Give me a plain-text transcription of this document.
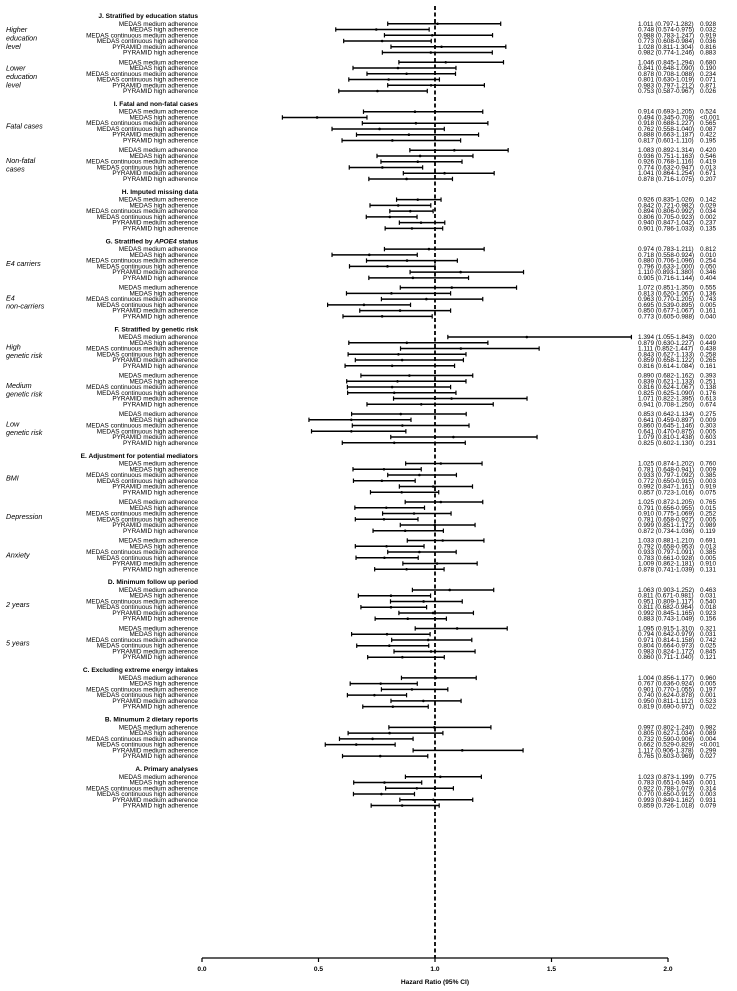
J. Stratified by education status
MEDAS medium adherence	1.011 (0.797-1.282) 0.928
MEDAS high adherence	0.748 (0.574-0.975) 0.032
MEDAS continuous medium adherence	0.988 (0.783-1.247) 0.919
MEDAS continuous high adherence	0.773 (0.608-0.984) 0.036
PYRAMID medium adherence	1.028 (0.811-1.304) 0.816
PYRAMID high adherence	0.982 (0.774-1.246) 0.883
Higher education level
MEDAS medium adherence	1.046 (0.845-1.294) 0.680
MEDAS high adherence	0.841 (0.648-1.090) 0.190
MEDAS continuous medium adherence	0.878 (0.708-1.088) 0.234
MEDAS continuous high adherence	0.801 (0.630-1.019) 0.071
PYRAMID medium adherence	0.983 (0.797-1.212) 0.871
PYRAMID high adherence	0.753 (0.587-0.967) 0.026
Lower education level
I. Fatal and non-fatal cases
MEDAS medium adherence	0.914 (0.693-1.205) 0.524
MEDAS high adherence	0.494 (0.345-0.708) <0.001
MEDAS continuous medium adherence	0.918 (0.688-1.227) 0.565
MEDAS continuous high adherence	0.762 (0.558-1.040) 0.087
PYRAMID medium adherence	0.888 (0.663-1.187) 0.422
PYRAMID high adherence	0.817 (0.601-1.110) 0.195
Fatal cases
MEDAS medium adherence	1.083 (0.892-1.314) 0.420
MEDAS high adherence	0.936 (0.751-1.163) 0.546
MEDAS continuous medium adherence	0.926 (0.768-1.116) 0.419
MEDAS continuous high adherence	0.774 (0.632-0.947) 0.013
PYRAMID medium adherence	1.041 (0.864-1.254) 0.671
PYRAMID high adherence	0.878 (0.716-1.075) 0.207
Non-fatal cases
H. Imputed missing data
MEDAS medium adherence	0.926 (0.835-1.026) 0.142
MEDAS high adherence	0.842 (0.721-0.982) 0.029
MEDAS continuous medium adherence	0.894 (0.806-0.992) 0.034
MEDAS continuous high adherence	0.806 (0.705-0.923) 0.002
PYRAMID medium adherence	0.940 (0.847-1.042) 0.237
PYRAMID high adherence	0.901 (0.786-1.033) 0.135
G. Stratified by APOE4 status
MEDAS medium adherence	0.974 (0.783-1.211) 0.812
MEDAS high adherence	0.718 (0.558-0.924) 0.010
MEDAS continuous medium adherence	0.880 (0.706-1.096) 0.254
MEDAS continuous high adherence	0.796 (0.633-1.000) 0.050
PYRAMID medium adherence	1.110 (0.893-1.380) 0.346
PYRAMID high adherence	0.905 (0.716-1.144) 0.404
E4 carriers
MEDAS medium adherence	1.072 (0.851-1.350) 0.555
MEDAS high adherence	0.813 (0.620-1.067) 0.136
MEDAS continuous medium adherence	0.963 (0.770-1.205) 0.743
MEDAS continuous high adherence	0.695 (0.539-0.895) 0.005
PYRAMID medium adherence	0.850 (0.677-1.067) 0.161
PYRAMID high adherence	0.773 (0.605-0.988) 0.040
E4 non-carriers
F. Stratified by genetic risk
MEDAS medium adherence	1.394 (1.055-1.843) 0.020
MEDAS high adherence	0.879 (0.630-1.227) 0.449
MEDAS continuous medium adherence	1.111 (0.852-1.447) 0.438
MEDAS continuous high adherence	0.843 (0.627-1.133) 0.258
PYRAMID medium adherence	0.859 (0.658-1.122) 0.265
PYRAMID high adherence	0.816 (0.614-1.084) 0.161
High genetic risk
MEDAS medium adherence	0.890 (0.682-1.162) 0.393
MEDAS high adherence	0.839 (0.621-1.133) 0.251
MEDAS continuous medium adherence	0.816 (0.624-1.067) 0.138
MEDAS continuous high adherence	0.825 (0.625-1.090) 0.176
PYRAMID medium adherence	1.071 (0.822-1.395) 0.613
PYRAMID high adherence	0.941 (0.708-1.250) 0.674
Medium genetic risk
MEDAS medium adherence	0.853 (0.642-1.134) 0.275
MEDAS high adherence	0.641 (0.459-0.897) 0.009
MEDAS continuous medium adherence	0.860 (0.645-1.146) 0.303
MEDAS continuous high adherence	0.641 (0.470-0.875) 0.005
PYRAMID medium adherence	1.079 (0.810-1.438) 0.603
PYRAMID high adherence	0.825 (0.602-1.130) 0.231
Low genetic risk
E. Adjustment for potential mediators
MEDAS medium adherence	1.025 (0.874-1.202) 0.760
MEDAS high adherence	0.781 (0.648-0.941) 0.009
MEDAS continuous medium adherence	0.933 (0.797-1.092) 0.385
MEDAS continuous high adherence	0.772 (0.650-0.915) 0.003
PYRAMID medium adherence	0.992 (0.847-1.161) 0.919
PYRAMID high adherence	0.857 (0.723-1.016) 0.075
BMI
MEDAS medium adherence	1.025 (0.872-1.205) 0.765
MEDAS high adherence	0.791 (0.656-0.955) 0.015
MEDAS continuous medium adherence	0.910 (0.775-1.069) 0.252
MEDAS continuous high adherence	0.781 (0.658-0.927) 0.005
PYRAMID medium adherence	0.999 (0.851-1.172) 0.989
PYRAMID high adherence	0.872 (0.734-1.036) 0.119
Depression
MEDAS medium adherence	1.033 (0.881-1.210) 0.691
MEDAS high adherence	0.792 (0.658-0.953) 0.013
MEDAS continuous medium adherence	0.933 (0.797-1.091) 0.385
MEDAS continuous high adherence	0.783 (0.661-0.928) 0.005
PYRAMID medium adherence	1.009 (0.862-1.181) 0.910
PYRAMID high adherence	0.878 (0.741-1.039) 0.131
Anxiety
D. Minimum follow up period
MEDAS medium adherence	1.063 (0.903-1.252) 0.463
MEDAS high adherence	0.811 (0.671-0.981) 0.031
MEDAS continuous medium adherence	0.951 (0.809-1.117) 0.540
MEDAS continuous high adherence	0.811 (0.682-0.964) 0.018
PYRAMID medium adherence	0.992 (0.845-1.165) 0.923
PYRAMID high adherence	0.883 (0.743-1.049) 0.156
2 years
MEDAS medium adherence	1.095 (0.915-1.310) 0.321
MEDAS high adherence	0.794 (0.642-0.979) 0.031
MEDAS continuous medium adherence	0.971 (0.814-1.158) 0.742
MEDAS continuous high adherence	0.804 (0.664-0.973) 0.025
PYRAMID medium adherence	0.983 (0.824-1.172) 0.845
PYRAMID high adherence	0.860 (0.711-1.040) 0.121
5 years
C. Excluding extreme energy intakes
MEDAS medium adherence	1.004 (0.856-1.177) 0.960
MEDAS high adherence	0.767 (0.636-0.924) 0.005
MEDAS continuous medium adherence	0.901 (0.770-1.055) 0.197
MEDAS continuous high adherence	0.740 (0.624-0.878) 0.001
PYRAMID medium adherence	0.950 (0.811-1.112) 0.523
PYRAMID high adherence	0.819 (0.690-0.971) 0.022
B. Minumum 2 dietary reports
MEDAS medium adherence	0.997 (0.802-1.240) 0.982
MEDAS high adherence	0.805 (0.627-1.034) 0.089
MEDAS continuous medium adherence	0.732 (0.590-0.906) 0.004
MEDAS continuous high adherence	0.662 (0.529-0.829) <0.001
PYRAMID medium adherence	1.117 (0.906-1.378) 0.299
PYRAMID high adherence	0.765 (0.603-0.969) 0.027
A. Primary analyses
MEDAS medium adherence	1.023 (0.873-1.199) 0.775
MEDAS high adherence	0.783 (0.651-0.943) 0.001
MEDAS continuous medium adherence	0.922 (0.788-1.079) 0.314
MEDAS continuous high adherence	0.770 (0.650-0.912) 0.003
PYRAMID medium adherence	0.993 (0.849-1.162) 0.931
PYRAMID high adherence	0.859 (0.726-1.018) 0.079
0.0	0.5	1.0	1.5	2.0
Hazard Ratio (95% CI)
